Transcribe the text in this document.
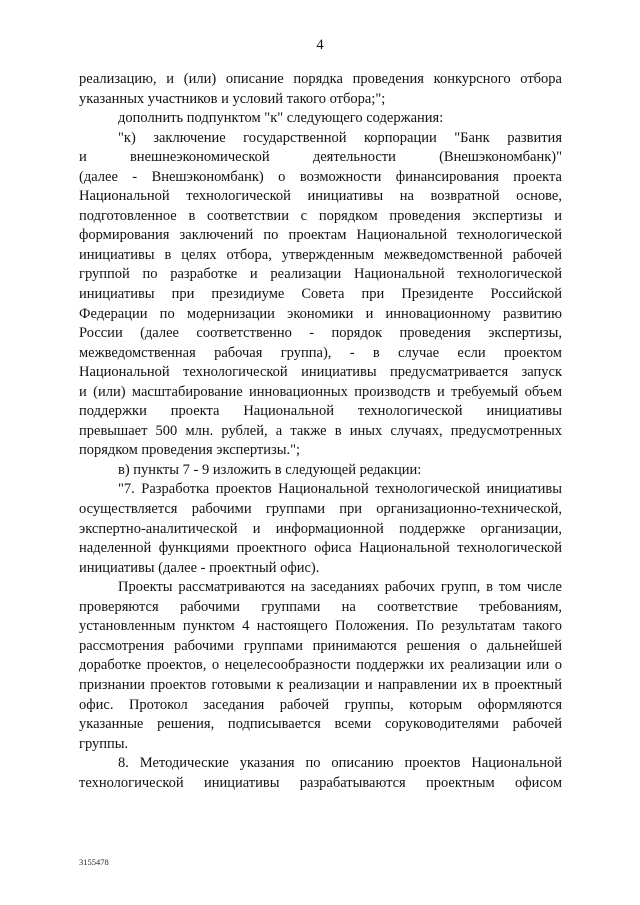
4
реализацию, и (или) описание порядка проведения конкурсного отбора
указанных участников и условий такого отбора;";
дополнить подпунктом "к" следующего содержания:
"к) заключение государственной корпорации "Банк развития
и внешнеэкономической деятельности (Внешэкономбанк)"
(далее - Внешэкономбанк) о возможности финансирования проекта
Национальной технологической инициативы на возвратной основе,
подготовленное в соответствии с порядком проведения экспертизы и
формирования заключений по проектам Национальной технологической
инициативы в целях отбора, утвержденным межведомственной рабочей
группой по разработке и реализации Национальной технологической
инициативы при президиуме Совета при Президенте Российской
Федерации по модернизации экономики и инновационному развитию
России (далее соответственно - порядок проведения экспертизы,
межведомственная рабочая группа), - в случае если проектом
Национальной технологической инициативы предусматривается запуск
и (или) масштабирование инновационных производств и требуемый объем
поддержки проекта Национальной технологической инициативы
превышает 500 млн. рублей, а также в иных случаях, предусмотренных
порядком проведения экспертизы.";
в) пункты 7 - 9 изложить в следующей редакции:
"7. Разработка проектов Национальной технологической инициативы
осуществляется рабочими группами при организационно-технической,
экспертно-аналитической и информационной поддержке организации,
наделенной функциями проектного офиса Национальной технологической
инициативы (далее - проектный офис).
Проекты рассматриваются на заседаниях рабочих групп, в том числе
проверяются рабочими группами на соответствие требованиям,
установленным пунктом 4 настоящего Положения. По результатам такого
рассмотрения рабочими группами принимаются решения о дальнейшей
доработке проектов, о нецелесообразности поддержки их реализации или о
признании проектов готовыми к реализации и направлении их в проектный
офис. Протокол заседания рабочей группы, которым оформляются
указанные решения, подписывается всеми соруководителями рабочей
группы.
8. Методические указания по описанию проектов Национальной
технологической инициативы разрабатываются проектным офисом
3155478
